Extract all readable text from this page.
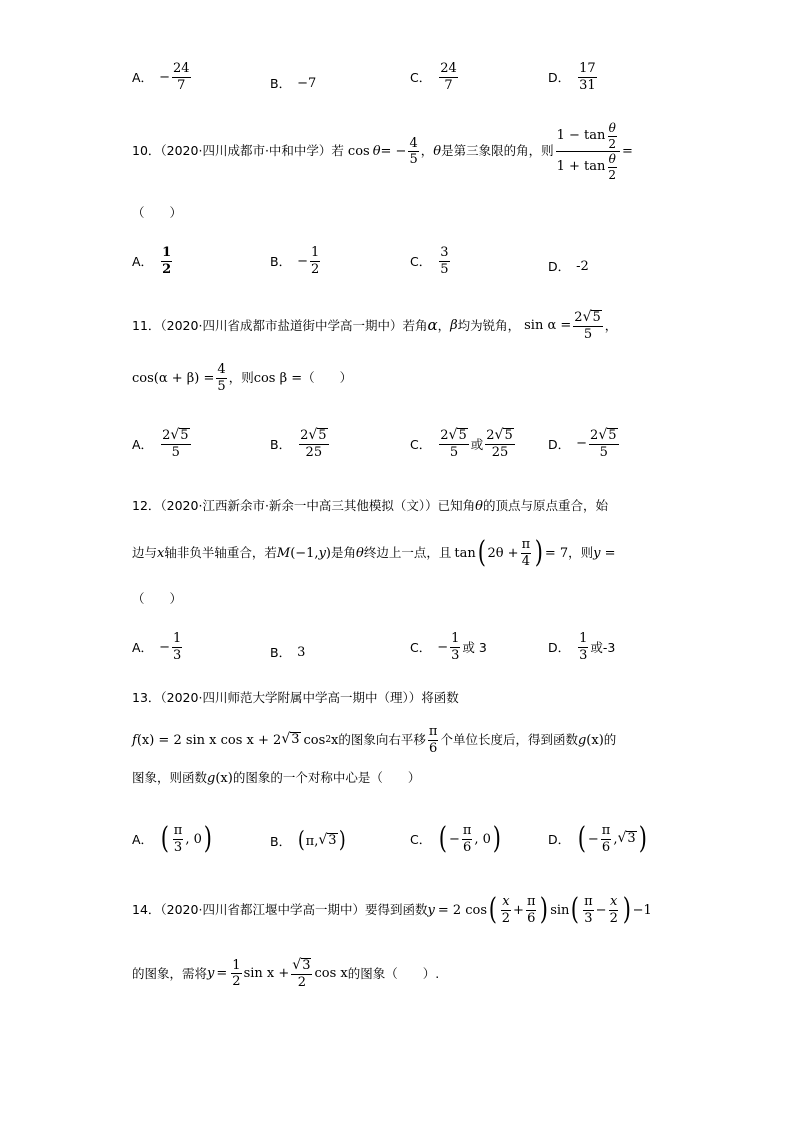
A． − $\frac{24}{7}$	B． −7	C． $\frac{24}{7}$	D． $\frac{17}{31}$
10．（2020·四川成都市·中和中学）若 cos θ = − $\frac{4}{5}$ ， θ 是第三象限的角，则 $\frac{1 - \tan \frac{\theta}{2}}{1 + \tan \frac{\theta}{2}}$ =
（　　）
A． $\frac{1}{2}$	B． − $\frac{1}{2}$	C． $\frac{3}{5}$	D． -2
11．（2020·四川省成都市盐道街中学高一期中）若角 α ， β 均为锐角， $\sin \alpha = \frac{2 √ 5}{5}$ ，
$\cos(\alpha + \beta) = \frac{4}{5}$ ，则 cos β = （　　）
A． $\frac{2 √ 5}{5}$	B． $\frac{2 √ 5}{25}$	C． $\frac{2 √ 5}{5}$ 或 $\frac{2 √ 5}{25}$	D． − $\frac{2 √ 5}{5}$
12．（2020·江西新余市·新余一中高三其他模拟（文））已知角 θ 的顶点与原点重合，始
边与 x 轴非负半轴重合，若 M (−1, y ) 是角 θ 终边上一点，且 tan ( $2\theta + \frac{\pi}{4}$ ) = 7 ，则 y =
（　　）
A． − $\frac{1}{3}$	B． 3	C． − $\frac{1}{3}$ 或 3	D． $\frac{1}{3}$ 或-3
13．（2020·四川师范大学附属中学高一期中（理））将函数
f (x) = 2 sin x cos x + 2 √ 3 cos 2 x 的图象向右平移 $\frac{\pi}{6}$ 个单位长度后，得到函数 g (x) 的
图象，则函数 g (x) 的图象的一个对称中心是（　　）
A． ( $\frac{\pi}{3}$ , 0 )	B． ( π, √ 3 )	C． ( − $\frac{\pi}{6}$ , 0 )	D． ( − $\frac{\pi}{6}$ , √ 3 )
14．（2020·四川省都江堰中学高一期中）要得到函数 y = 2 cos ( $\frac{x}{2} + \frac{\pi}{6}$ ) sin ( $\frac{\pi}{3} - \frac{x}{2}$ ) −1
的图象，需将 $y = \frac{1}{2}$ $\sin x + \frac{√ 3}{2}$ cos x 的图象（　　）.
